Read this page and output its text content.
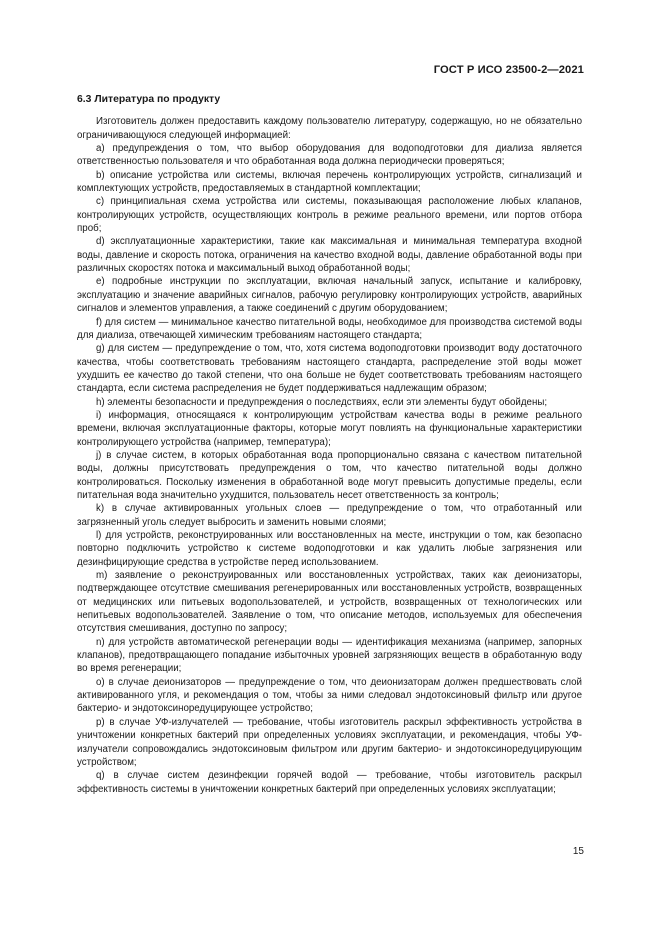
ГОСТ Р ИСО 23500-2—2021
6.3 Литература по продукту

Изготовитель должен предоставить каждому пользователю литературу, содержащую, но не обязательно ограничивающуюся следующей информацией:

a) предупреждения о том, что выбор оборудования для водоподготовки для диализа является ответственностью пользователя и что обработанная вода должна периодически проверяться;

b) описание устройства или системы, включая перечень контролирующих устройств, сигнализаций и комплектующих устройств, предоставляемых в стандартной комплектации;

c) принципиальная схема устройства или системы, показывающая расположение любых клапанов, контролирующих устройств, осуществляющих контроль в режиме реального времени, или портов отбора проб;

d) эксплуатационные характеристики, такие как максимальная и минимальная температура входной воды, давление и скорость потока, ограничения на качество входной воды, давление обработанной воды при различных скоростях потока и максимальный выход обработанной воды;

e) подробные инструкции по эксплуатации, включая начальный запуск, испытание и калибровку, эксплуатацию и значение аварийных сигналов, рабочую регулировку контролирующих устройств, аварийных сигналов и элементов управления, а также соединений с другим оборудованием;

f) для систем — минимальное качество питательной воды, необходимое для производства системой воды для диализа, отвечающей химическим требованиям настоящего стандарта;

g) для систем — предупреждение о том, что, хотя система водоподготовки производит воду достаточного качества, чтобы соответствовать требованиям настоящего стандарта, распределение этой воды может ухудшить ее качество до такой степени, что она больше не будет соответствовать требованиям настоящего стандарта, если система распределения не будет поддерживаться надлежащим образом;

h) элементы безопасности и предупреждения о последствиях, если эти элементы будут обойдены;

i) информация, относящаяся к контролирующим устройствам качества воды в режиме реального времени, включая эксплуатационные факторы, которые могут повлиять на функциональные характеристики контролирующего устройства (например, температура);

j) в случае систем, в которых обработанная вода пропорционально связана с качеством питательной воды, должны присутствовать предупреждения о том, что качество питательной воды должно контролироваться. Поскольку изменения в обработанной воде могут превысить допустимые пределы, если питательная вода значительно ухудшится, пользователь несет ответственность за контроль;

k) в случае активированных угольных слоев — предупреждение о том, что отработанный или загрязненный уголь следует выбросить и заменить новыми слоями;

l) для устройств, реконструированных или восстановленных на месте, инструкции о том, как безопасно повторно подключить устройство к системе водоподготовки и как удалить любые загрязнения или дезинфицирующие средства в устройстве перед использованием.

m) заявление о реконструированных или восстановленных устройствах, таких как деионизаторы, подтверждающее отсутствие смешивания регенерированных или восстановленных устройств, возвращенных от медицинских или питьевых водопользователей, и устройств, возвращенных от технологических или непитьевых водопользователей. Заявление о том, что описание методов, используемых для обеспечения отсутствия смешивания, доступно по запросу;

n) для устройств автоматической регенерации воды — идентификация механизма (например, запорных клапанов), предотвращающего попадание избыточных уровней загрязняющих веществ в обработанную воду во время регенерации;

o) в случае деионизаторов — предупреждение о том, что деионизаторам должен предшествовать слой активированного угля, и рекомендация о том, чтобы за ними следовал эндотоксиновый фильтр или другое бактерио- и эндотоксиноредуцирующее устройство;

p) в случае УФ-излучателей — требование, чтобы изготовитель раскрыл эффективность устройства в уничтожении конкретных бактерий при определенных условиях эксплуатации, и рекомендация, чтобы УФ-излучатели сопровождались эндотоксиновым фильтром или другим бактерио- и эндотоксиноредуцирующим устройством;

q) в случае систем дезинфекции горячей водой — требование, чтобы изготовитель раскрыл эффективность системы в уничтожении конкретных бактерий при определенных условиях эксплуатации;

15
